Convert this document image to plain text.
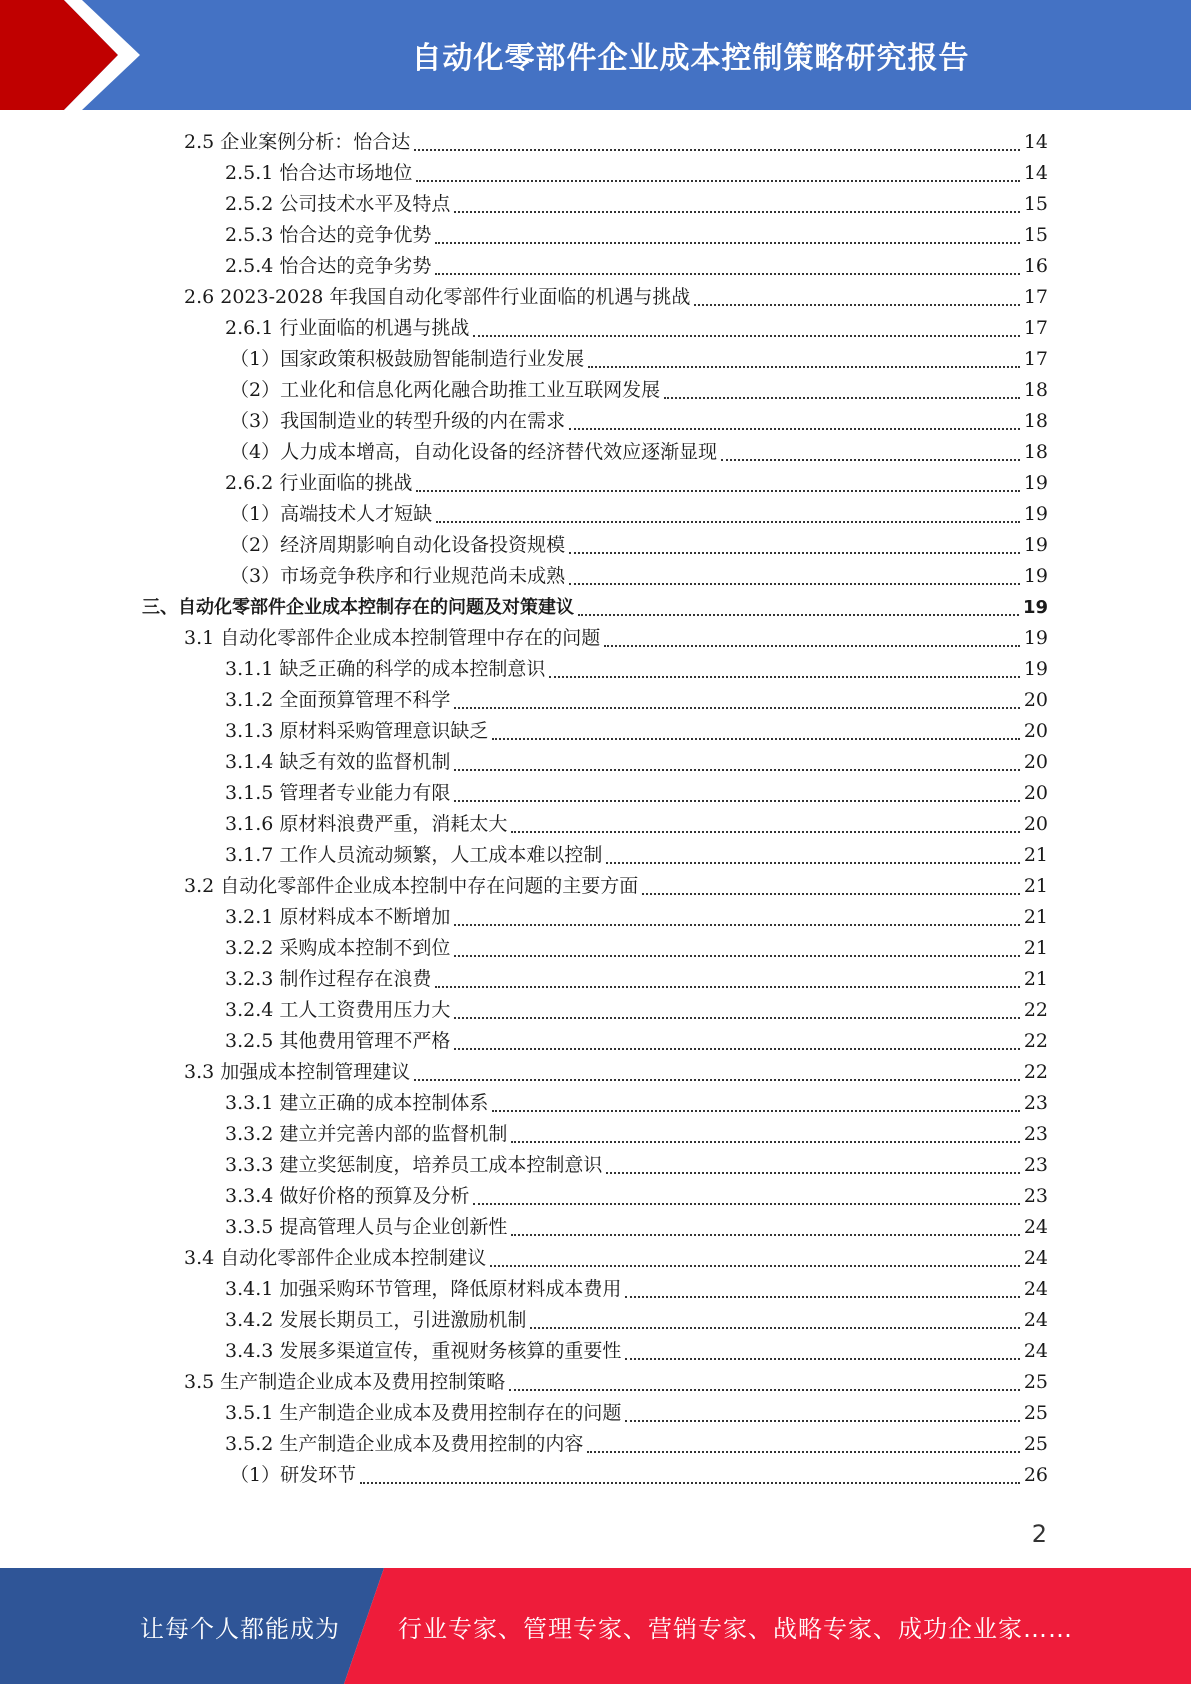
自动化零部件企业成本控制策略研究报告
2.5 企业案例分析：怡合达	14
2.5.1 怡合达市场地位	14
2.5.2 公司技术水平及特点	15
2.5.3 怡合达的竞争优势	15
2.5.4 怡合达的竞争劣势	16
2.6 2023-2028 年我国自动化零部件行业面临的机遇与挑战	17
2.6.1 行业面临的机遇与挑战	17
（1）国家政策积极鼓励智能制造行业发展	17
（2）工业化和信息化两化融合助推工业互联网发展	18
（3）我国制造业的转型升级的内在需求	18
（4）人力成本增高，自动化设备的经济替代效应逐渐显现	18
2.6.2 行业面临的挑战	19
（1）高端技术人才短缺	19
（2）经济周期影响自动化设备投资规模	19
（3）市场竞争秩序和行业规范尚未成熟	19
三、自动化零部件企业成本控制存在的问题及对策建议	19
3.1 自动化零部件企业成本控制管理中存在的问题	19
3.1.1 缺乏正确的科学的成本控制意识	19
3.1.2 全面预算管理不科学	20
3.1.3 原材料采购管理意识缺乏	20
3.1.4 缺乏有效的监督机制	20
3.1.5 管理者专业能力有限	20
3.1.6 原材料浪费严重，消耗太大	20
3.1.7 工作人员流动频繁，人工成本难以控制	21
3.2 自动化零部件企业成本控制中存在问题的主要方面	21
3.2.1 原材料成本不断增加	21
3.2.2 采购成本控制不到位	21
3.2.3 制作过程存在浪费	21
3.2.4 工人工资费用压力大	22
3.2.5 其他费用管理不严格	22
3.3 加强成本控制管理建议	22
3.3.1 建立正确的成本控制体系	23
3.3.2 建立并完善内部的监督机制	23
3.3.3 建立奖惩制度，培养员工成本控制意识	23
3.3.4 做好价格的预算及分析	23
3.3.5 提高管理人员与企业创新性	24
3.4 自动化零部件企业成本控制建议	24
3.4.1 加强采购环节管理，降低原材料成本费用	24
3.4.2 发展长期员工，引进激励机制	24
3.4.3 发展多渠道宣传，重视财务核算的重要性	24
3.5 生产制造企业成本及费用控制策略	25
3.5.1 生产制造企业成本及费用控制存在的问题	25
3.5.2 生产制造企业成本及费用控制的内容	25
（1）研发环节	26
2
让每个人都能成为 行业专家、管理专家、营销专家、战略专家、成功企业家……
